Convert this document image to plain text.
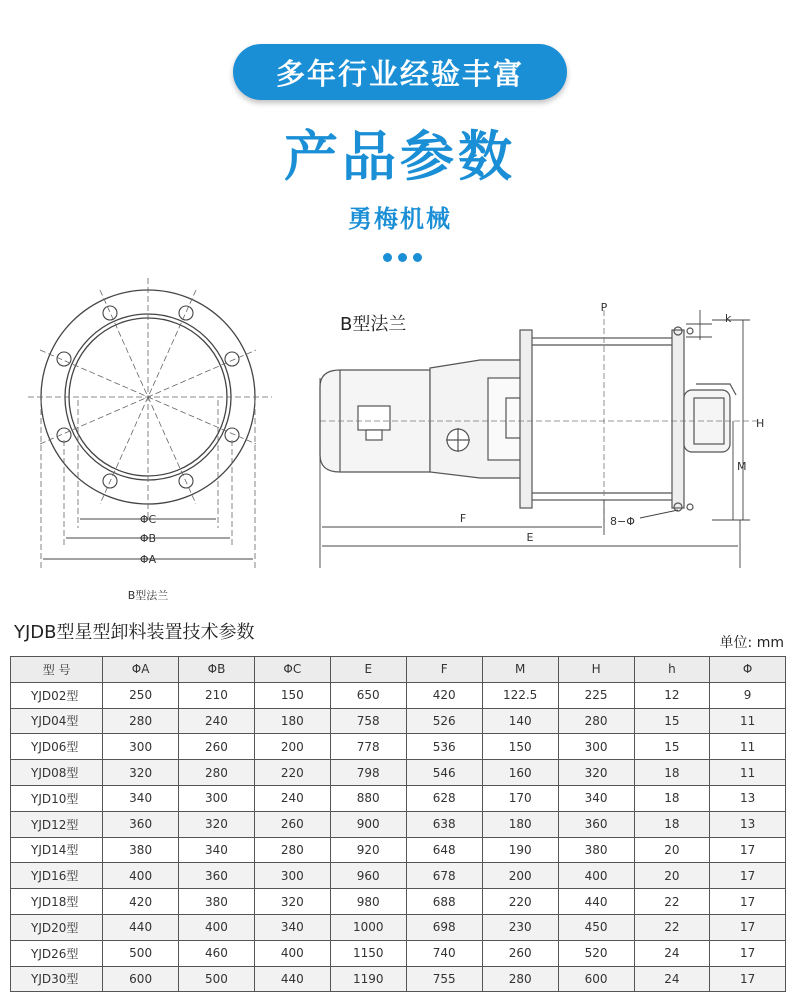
多年行业经验丰富
产品参数
勇梅机械
ΦC
ΦB
ΦA
B型法兰
B型法兰
P
k
H
M
F
E
8−Φ
YJDB型星型卸料装置技术参数	单位: mm
型 号	ΦA	ΦB	ΦC	E	F	M	H	h	Φ
YJD02型	250	210	150	650	420	122.5	225	12	9
YJD04型	280	240	180	758	526	140	280	15	11
YJD06型	300	260	200	778	536	150	300	15	11
YJD08型	320	280	220	798	546	160	320	18	11
YJD10型	340	300	240	880	628	170	340	18	13
YJD12型	360	320	260	900	638	180	360	18	13
YJD14型	380	340	280	920	648	190	380	20	17
YJD16型	400	360	300	960	678	200	400	20	17
YJD18型	420	380	320	980	688	220	440	22	17
YJD20型	440	400	340	1000	698	230	450	22	17
YJD26型	500	460	400	1150	740	260	520	24	17
YJD30型	600	500	440	1190	755	280	600	24	17
